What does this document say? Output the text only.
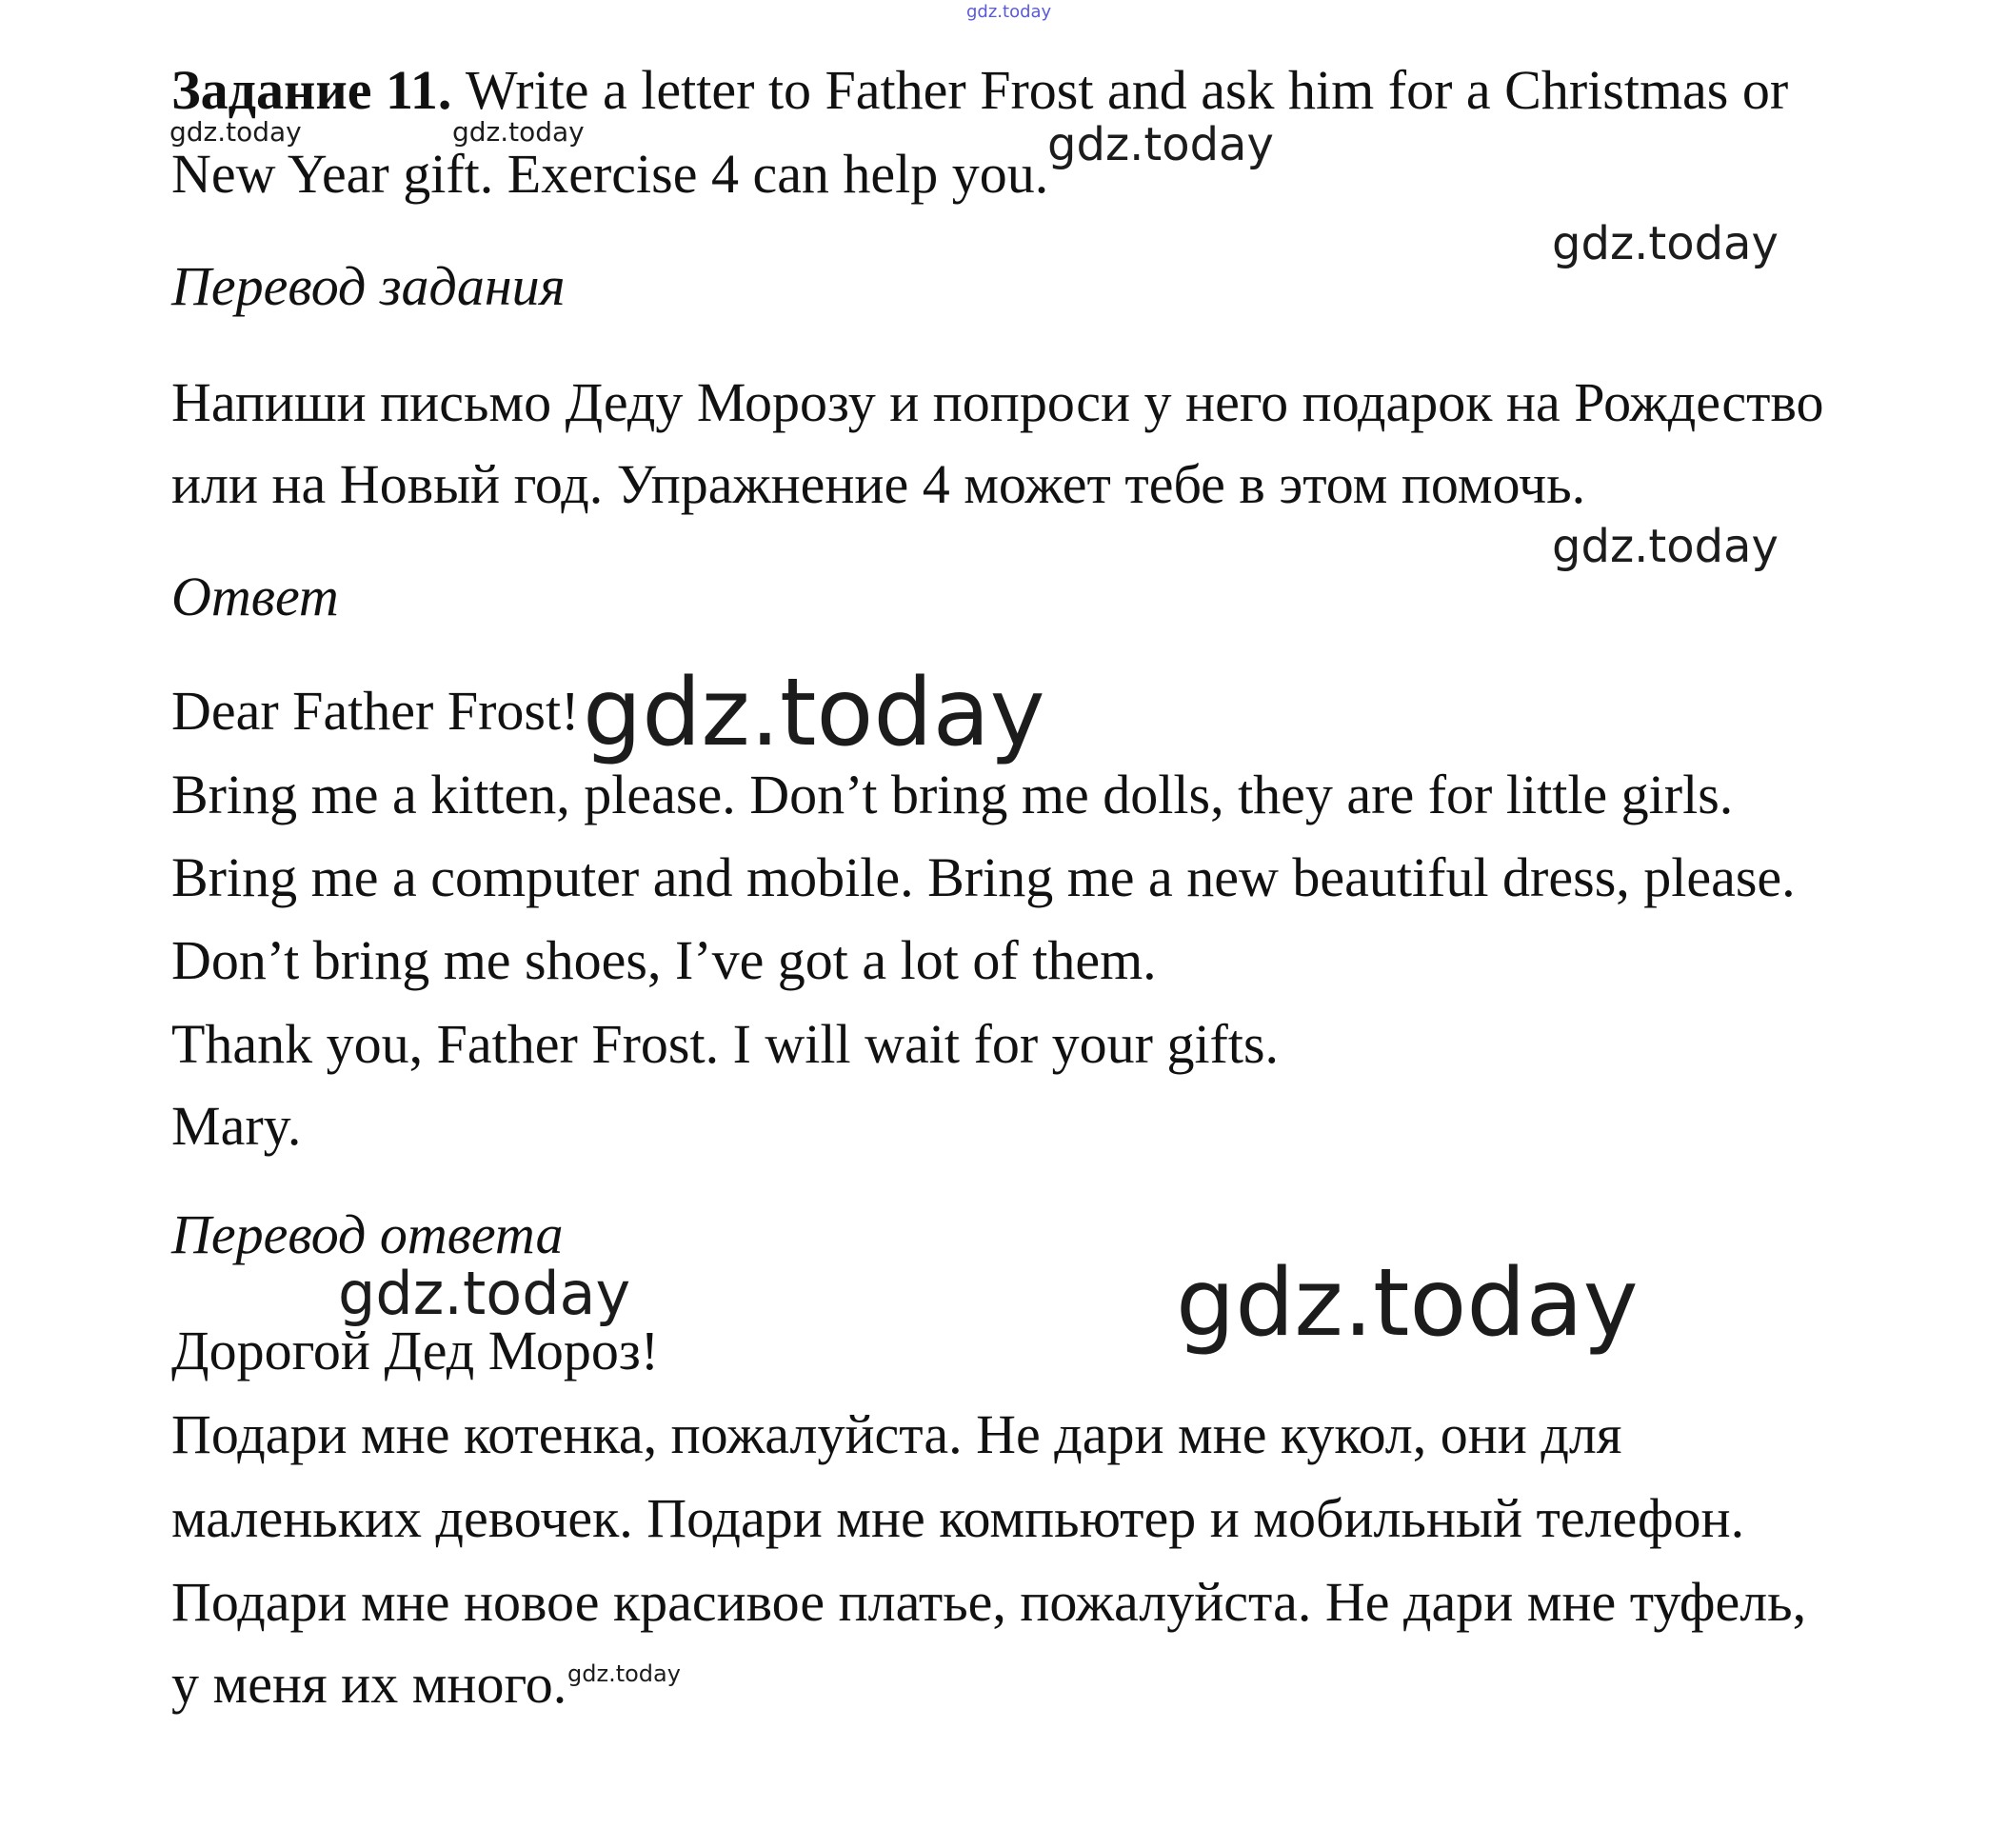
gdz.today
Задание 11. Write a letter to Father Frost and ask him for a Christmas or
gdz.today	gdz.today
New Year gift. Exercise 4 can help you.
gdz.today
gdz.today
Перевод задания
Напиши письмо Деду Морозу и попроси у него подарок на Рождество
или на Новый год. Упражнение 4 может тебе в этом помочь.
gdz.today
Ответ
Dear Father Frost! gdz.today
Bring me a kitten, please. Don’t bring me dolls, they are for little girls.
Bring me a computer and mobile. Bring me a new beautiful dress, please.
Don’t bring me shoes, I’ve got a lot of them.
Thank you, Father Frost. I will wait for your gifts.
Mary.
Перевод ответа
gdz.today	gdz.today
Дорогой Дед Мороз!
Подари мне котенка, пожалуйста. Не дари мне кукол, они для
маленьких девочек. Подари мне компьютер и мобильный телефон.
Подари мне новое красивое платье, пожалуйста. Не дари мне туфель,
у меня их много. gdz.today
